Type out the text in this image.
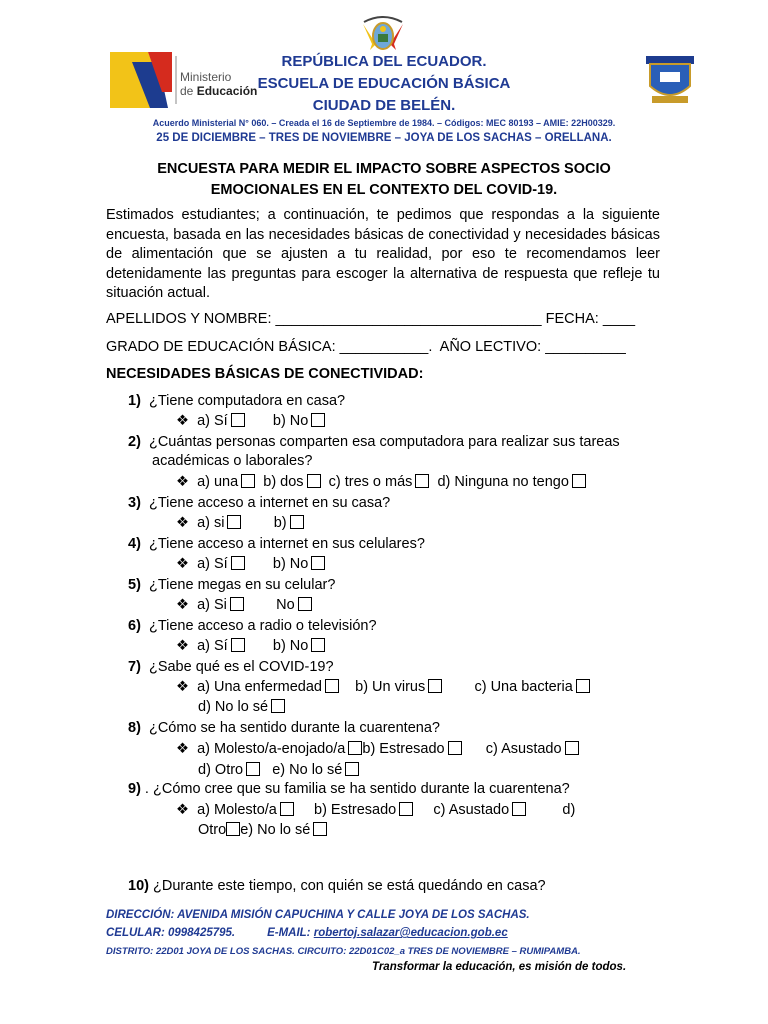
Ministerio
de Educación
REPÚBLICA DEL ECUADOR.
ESCUELA DE EDUCACIÓN BÁSICA
CIUDAD DE BELÉN.
Acuerdo Ministerial N° 060. – Creada el 16 de Septiembre de 1984. – Códigos: MEC 80193 – AMIE: 22H00329.
25 DE DICIEMBRE – TRES DE NOVIEMBRE – JOYA DE LOS SACHAS – ORELLANA.
ENCUESTA PARA MEDIR EL IMPACTO SOBRE ASPECTOS SOCIO
EMOCIONALES EN EL CONTEXTO DEL COVID-19.
Estimados estudiantes; a continuación, te pedimos que respondas a la siguiente encuesta, basada en las necesidades básicas de conectividad y necesidades básicas de alimentación que se ajusten a tu realidad, por eso te recomendamos leer detenidamente las preguntas para escoger la alternativa de respuesta que refleje tu situación actual.
APELLIDOS Y NOMBRE: _________________________________ FECHA: ____
GRADO DE EDUCACIÓN BÁSICA: ___________.  AÑO LECTIVO: __________
NECESIDADES BÁSICAS DE CONECTIVIDAD:
1) ¿Tiene computadora en casa?
❖ a) Sí	b) No
2) ¿Cuántas personas comparten esa computadora para realizar sus tareas
académicas o laborales?
❖ a) una b) dos c) tres o más d) Ninguna no tengo
3) ¿Tiene acceso a internet en su casa?
❖ a) si	b)
4) ¿Tiene acceso a internet en sus celulares?
❖ a) Sí	b) No
5) ¿Tiene megas en su celular?
❖ a) Si	No
6) ¿Tiene acceso a radio o televisión?
❖ a) Sí	b) No
7) ¿Sabe qué es el COVID-19?
❖ a) Una enfermedad b) Un virus	c) Una bacteria
d) No lo sé
8)  ¿Cómo se ha sentido durante la cuarentena?
❖ a) Molesto/a-enojado/a b) Estresado	c) Asustado
d) Otro e) No lo sé
9) . ¿Cómo cree que su familia se ha sentido durante la cuarentena?
❖ a) Molesto/a	b) Estresado	c) Asustado	d)
Otro e) No lo sé
10) ¿Durante este tiempo, con quién se está quedándo en casa?
DIRECCIÓN: AVENIDA MISIÓN CAPUCHINA Y CALLE JOYA DE LOS SACHAS.
CELULAR: 0998425795.	E-MAIL: robertoj.salazar@educacion.gob.ec
DISTRITO: 22D01 JOYA DE LOS SACHAS. CIRCUITO: 22D01C02_a TRES DE NOVIEMBRE – RUMIPAMBA.
Transformar la educación, es misión de todos.
